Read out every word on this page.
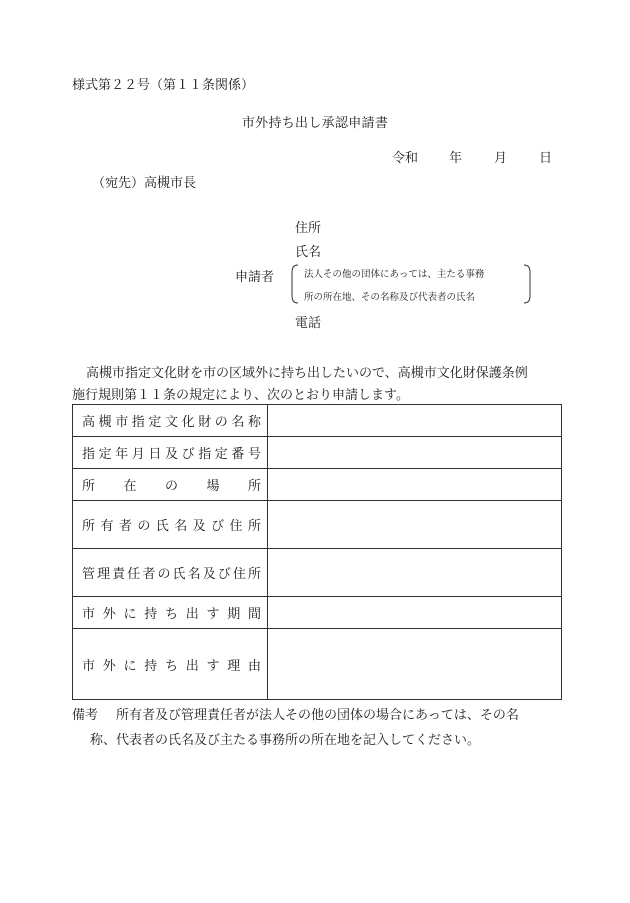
様式第２２号（第１１条関係）
市外持ち出し承認申請書
令和 年 月 日
（宛先）高槻市長
住所
氏名
申請者	法人その他の団体にあっては、主たる事務
所の所在地、その名称及び代表者の氏名
電話
高槻市指定文化財を市の区域外に持ち出したいので、高槻市文化財保護条例
施行規則第１１条の規定により、次のとおり申請します。
高槻市指定文化財の名称	

指定年月日及び指定番号	

所在の場所	

所有者の氏名及び住所	

管理責任者の氏名及び住所	

市外に持ち出す期間	

市外に持ち出す理由	

備考 所有者及び管理責任者が法人その他の団体の場合にあっては、その名
称、代表者の氏名及び主たる事務所の所在地を記入してください。
